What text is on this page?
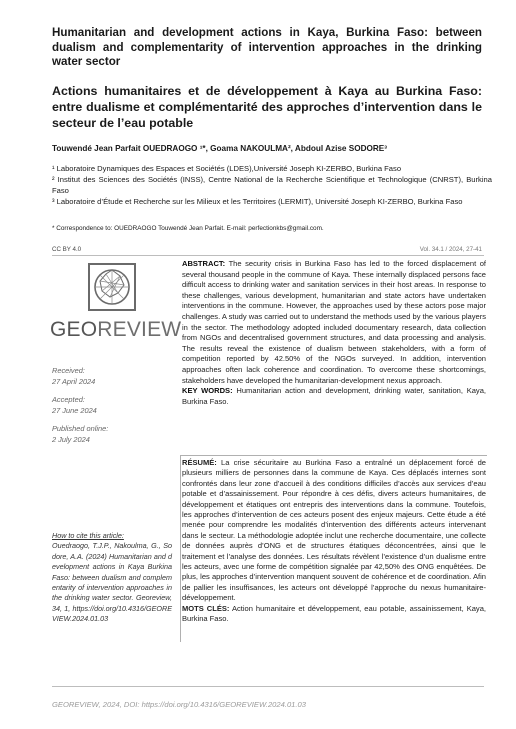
Humanitarian and development actions in Kaya, Burkina Faso: between dualism and complementarity of intervention approaches in the drinking water sector
Actions humanitaires et de développement à Kaya au Burkina Faso: entre dualisme et complémentarité des approches d’intervention dans le secteur de l’eau potable
Touwendé Jean Parfait OUEDRAOGO ¹*, Goama NAKOULMA², Abdoul Azise SODORE³
¹ Laboratoire Dynamiques des Espaces et Sociétés (LDES),Université Joseph KI-ZERBO, Burkina Faso
² Institut des Sciences des Sociétés (INSS), Centre National de la Recherche Scientifique et Technologique (CNRST), Burkina Faso
³ Laboratoire d’Étude et Recherche sur les Milieux et les Territoires (LERMIT), Université Joseph KI-ZERBO, Burkina Faso
* Correspondence to: OUEDRAOGO Touwendé Jean Parfait. E-mail: perfectionkbs@gmail.com.
CC BY 4.0	Vol. 34.1 / 2024, 27-41
GEOREVIEW
Received:
27 April 2024
Accepted:
27 June 2024
Published online:
2 July 2024
How to cite this article:
Ouedraogo, T.J.P., Nakoulma, G., Sodore, A.A. (2024) Humanitarian and development actions in Kaya Burkina Faso: between dualism and complementarity of intervention approaches in the drinking water sector. Georeview, 34, 1, https://doi.org/10.4316/GEOREVIEW.2024.01.03
ABSTRACT: The security crisis in Burkina Faso has led to the forced displacement of several thousand people in the commune of Kaya. These internally displaced persons face difficult access to drinking water and sanitation services in their host areas. In response to these challenges, various development, humanitarian and state actors have undertaken interventions in the commune. However, the approaches used by these actors pose major challenges. A study was carried out to understand the methods used by the various players in the sector. The methodology adopted included documentary research, data collection from NGOs and decentralised government structures, and data processing and analysis. The results reveal the existence of dualism between stakeholders, with a form of competition reported by 42.50% of the NGOs surveyed. In addition, intervention approaches often lack coherence and coordination. To overcome these shortcomings, stakeholders have developed the humanitarian-development nexus approach.
KEY WORDS: Humanitarian action and development, drinking water, sanitation, Kaya, Burkina Faso.
RÉSUMÉ: La crise sécuritaire au Burkina Faso a entraîné un déplacement forcé de plusieurs milliers de personnes dans la commune de Kaya. Ces déplacés internes sont confrontés dans leur zone d’accueil à des conditions difficiles d’accès aux services d’eau potable et d’assainissement. Pour répondre à ces défis, divers acteurs humanitaires, de développement et étatiques ont entrepris des interventions dans la commune. Toutefois, les approches d’intervention de ces acteurs posent des enjeux majeurs. Cette étude a été menée pour comprendre les modalités d’intervention des différents acteurs intervenant dans le secteur. La méthodologie adoptée inclut une recherche documentaire, une collecte de données auprès d’ONG et de structures étatiques déconcentrées, ainsi que le traitement et l’analyse des données. Les résultats révèlent l’existence d’un dualisme entre les acteurs, avec une forme de compétition signalée par 42,50% des ONG enquêtées. De plus, les approches d’intervention manquent souvent de cohérence et de coordination. Afin de pallier les insuffisances, les acteurs ont développé l’approche du nexus humanitaire-développement.
MOTS CLÉS: Action humanitaire et développement, eau potable, assainissement, Kaya, Burkina Faso.
GEOREVIEW, 2024, DOI: https://doi.org/10.4316/GEOREVIEW.2024.01.03
